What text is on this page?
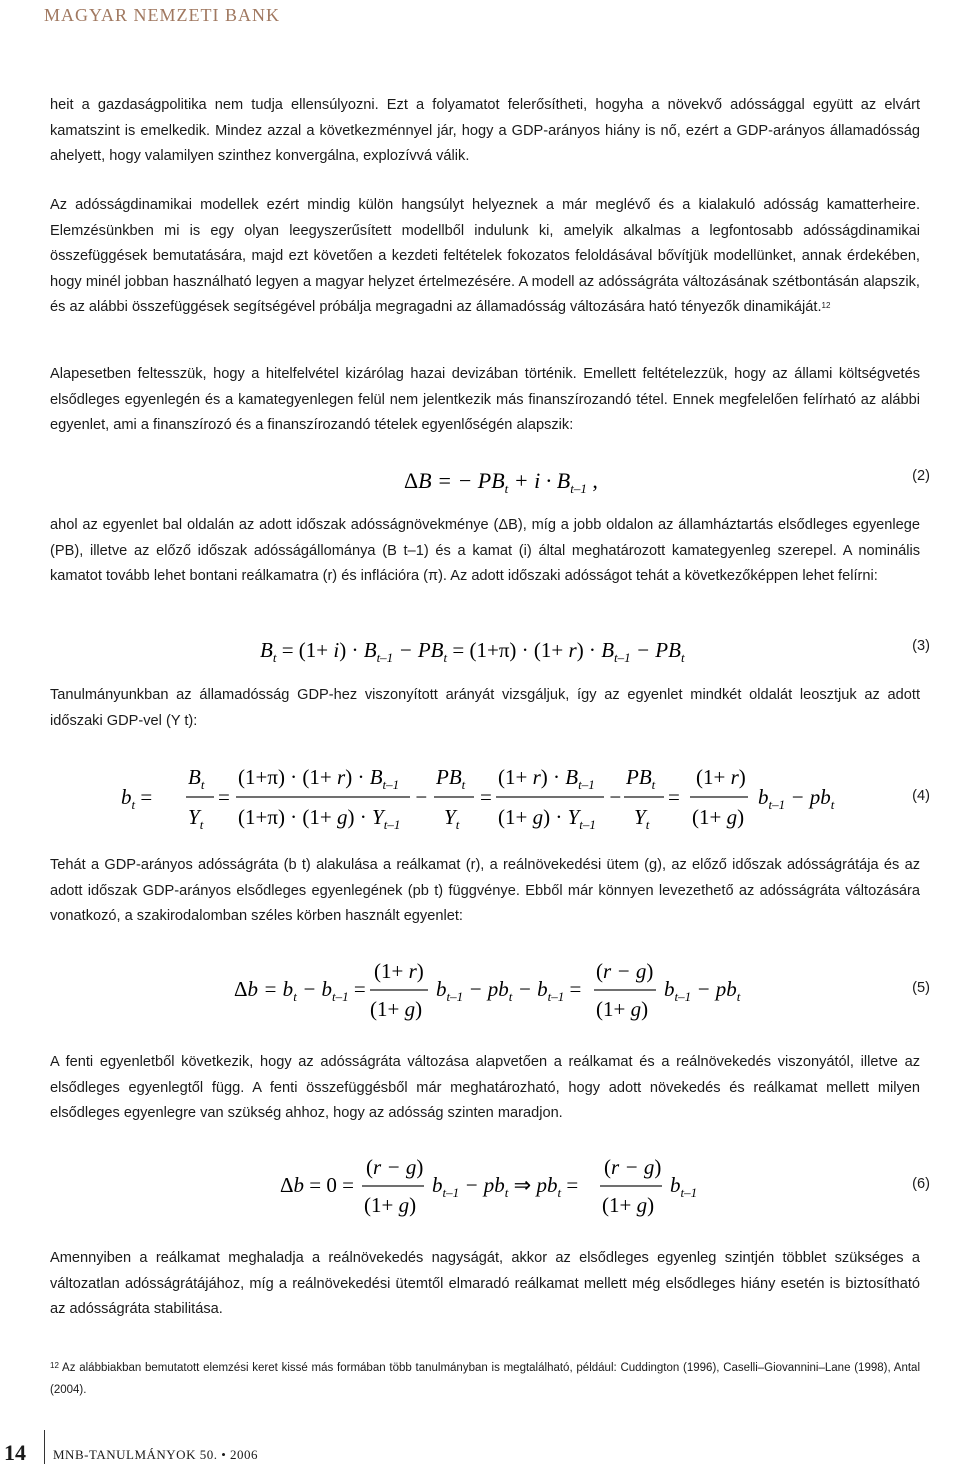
MAGYAR NEMZETI BANK

heit a gazdaságpolitika nem tudja ellensúlyozni. Ezt a folyamatot felerősítheti, hogyha a növekvő adóssággal együtt az elvárt kamatszint is emelkedik. Mindez azzal a következménnyel jár, hogy a GDP-arányos hiány is nő, ezért a GDP-arányos államadósság ahelyett, hogy valamilyen szinthez konvergálna, explozívvá válik.

Az adósságdinamikai modellek ezért mindig külön hangsúlyt helyeznek a már meglévő és a kialakuló adósság kamatterheire. Elemzésünkben mi is egy olyan leegyszerűsített modellből indulunk ki, amelyik alkalmas a legfontosabb adósságdinamikai összefüggések bemutatására, majd ezt követően a kezdeti feltételek fokozatos feloldásával bővítjük modellünket, annak érdekében, hogy minél jobban használható legyen a magyar helyzet értelmezésére. A modell az adósságráta változásának szétbontásán alapszik, és az alábbi összefüggések segítségével próbálja megragadni az államadósság változására ható tényezők dinamikáját.$^{12}$

Alapesetben feltesszük, hogy a hitelfelvétel kizárólag hazai devizában történik. Emellett feltételezzük, hogy az állami költségvetés elsődleges egyenlegén és a kamategyenlegen felül nem jelentkezik más finanszírozandó tétel. Ennek megfelelően felírható az alábbi egyenlet, ami a finanszírozó és a finanszírozandó tételek egyenlőségén alapszik:

ΔB = − $PB_t + i \cdot B_{t-1}$ ,	(2)

ahol az egyenlet bal oldalán az adott időszak adósságnövekménye (ΔB), míg a jobb oldalon az államháztartás elsődleges egyenlege (PB), illetve az előző időszak adósságállománya (B t–1) és a kamat (i) által meghatározott kamategyenleg szerepel. A nominális kamatot tovább lehet bontani reálkamatra (r) és inflációra (π). Az adott időszaki adósságot tehát a következőképpen lehet felírni:

$B_t = (1+ i) \cdot B_{t-1} - PB_t = (1+\pi) \cdot (1+ r) \cdot B_{t-1} - PB_t$
(3)

Tanulmányunkban az államadósság GDP-hez viszonyított arányát vizsgáljuk, így az egyenlet mindkét oldalát leosztjuk az adott időszaki GDP-vel (Y t):

$b_t$ =
$B_t$
$Y_t$
=
$(1+\pi) \cdot (1+ r) \cdot B_{t-1}$
$(1+\pi) \cdot (1+ g) \cdot Y_{t-1}$
−
$PB_t$
$Y_t$
=
$(1+ r) \cdot B_{t-1}$
$(1+ g) \cdot Y_{t-1}$
−
$PB_t$
$Y_t$
=
(1+ r)
(1+ g)
$b_{t-1} - pb_t$
(4)

Tehát a GDP-arányos adósságráta (b t) alakulása a reálkamat (r), a reálnövekedési ütem (g), az előző időszak adósságrátája és az adott időszak GDP-arányos elsődleges egyenlegének (pb t) függvénye. Ebből már könnyen levezethető az adósságráta változására vonatkozó, a szakirodalomban széles körben használt egyenlet:

$\Delta b = b_t - b_{t-1}$ =
(1+ r)
(1+ g)
$b_{t-1} - pb_t - b_{t-1}$ =
(r − g)
(1+ g)
$b_{t-1} - pb_t$
(5)

A fenti egyenletből következik, hogy az adósságráta változása alapvetően a reálkamat és a reálnövekedés viszonyától, illetve az elsődleges egyenlegtől függ. A fenti összefüggésből már meghatározható, hogy adott növekedés és reálkamat mellett milyen elsődleges egyenlegre van szükség ahhoz, hogy az adósság szinten maradjon.

Δb = 0 =
(r − g)
(1+ g)
$b_{t-1} - pb_t$ ⇒ $pb_t$ =
(r − g)
(1+ g)
$b_{t-1}$
(6)

Amennyiben a reálkamat meghaladja a reálnövekedés nagyságát, akkor az elsődleges egyenleg szintjén többlet szükséges a változatlan adósságrátájához, míg a reálnövekedési ütemtől elmaradó reálkamat mellett még elsődleges hiány esetén is biztosítható az adósságráta stabilitása.

$^{12}$ Az alábbiakban bemutatott elemzési keret kissé más formában több tanulmányban is megtalálható, például: Cuddington (1996), Caselli–Giovannini–Lane (1998), Antal (2004).

14 MNB-TANULMÁNYOK 50. • 2006
